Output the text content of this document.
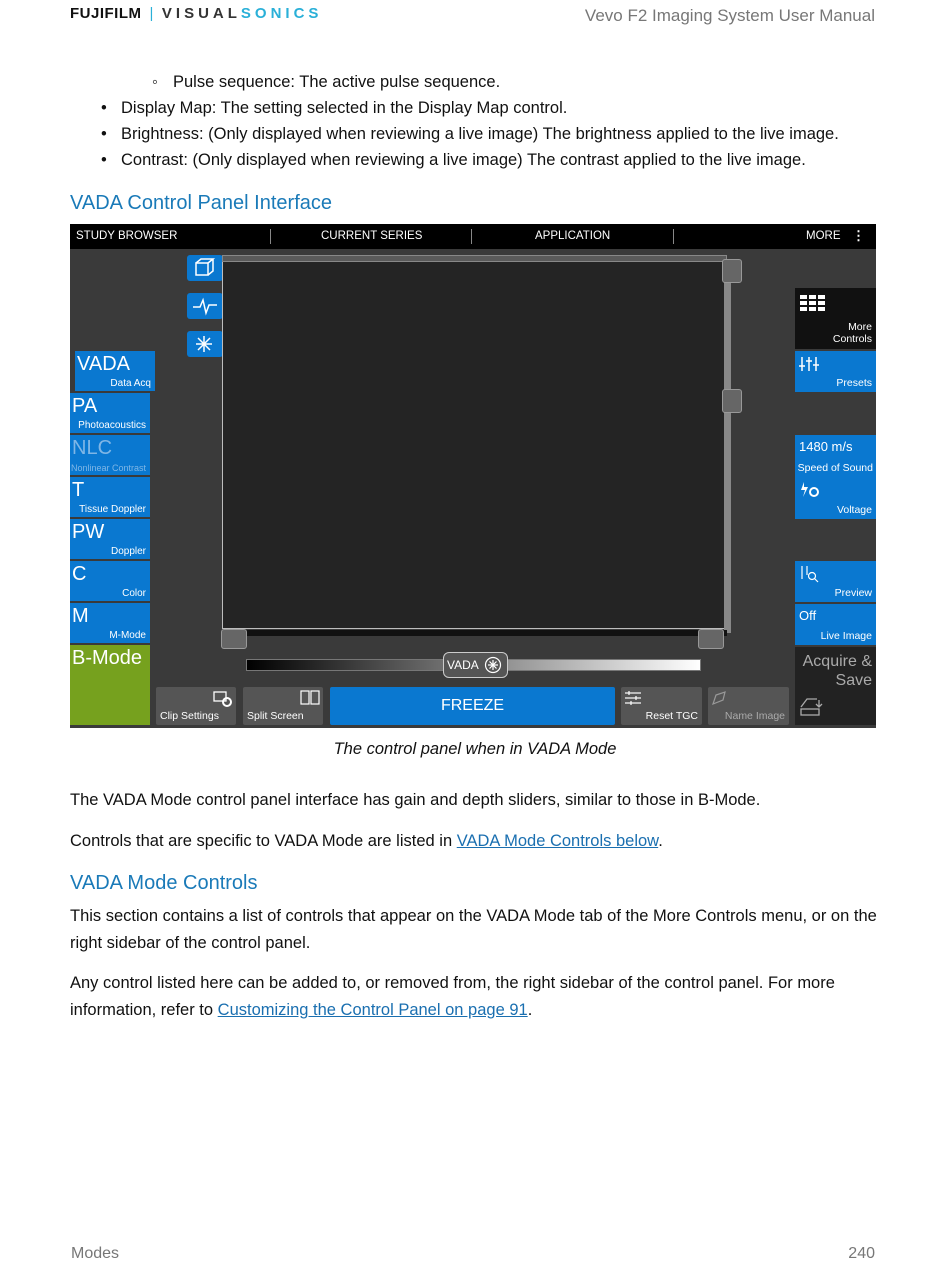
FUJIFILM | VISUALSONICS	Vevo F2 Imaging System User Manual
◦ Pulse sequence: The active pulse sequence.
• Display Map: The setting selected in the Display Map control.
• Brightness: (Only displayed when reviewing a live image) The brightness applied to the live image.
• Contrast: (Only displayed when reviewing a live image) The contrast applied to the live image.
VADA Control Panel Interface
STUDY BROWSER	CURRENT SERIES	APPLICATION	MORE ⋮
VADA
Data Acq
PA
Photoacoustics
NLC
Nonlinear Contrast
T
Tissue Doppler
PW
Doppler
C
Color
M
M-Mode
B-Mode	VADA
Clip Settings	Split Screen
FREEZE
Reset TGC	Name Image
More
Controls
Presets
1480 m/s
Speed of Sound
Voltage
Preview
Off
Live Image
Acquire &
Save
The control panel when in VADA Mode
The VADA Mode control panel interface has gain and depth sliders, similar to those in B-Mode.
Controls that are specific to VADA Mode are listed in VADA Mode Controls below.
VADA Mode Controls
This section contains a list of controls that appear on the VADA Mode tab of the More Controls menu, or on the right sidebar of the control panel.
Any control listed here can be added to, or removed from, the right sidebar of the control panel. For more information, refer to Customizing the Control Panel on page 91.
Modes	240
